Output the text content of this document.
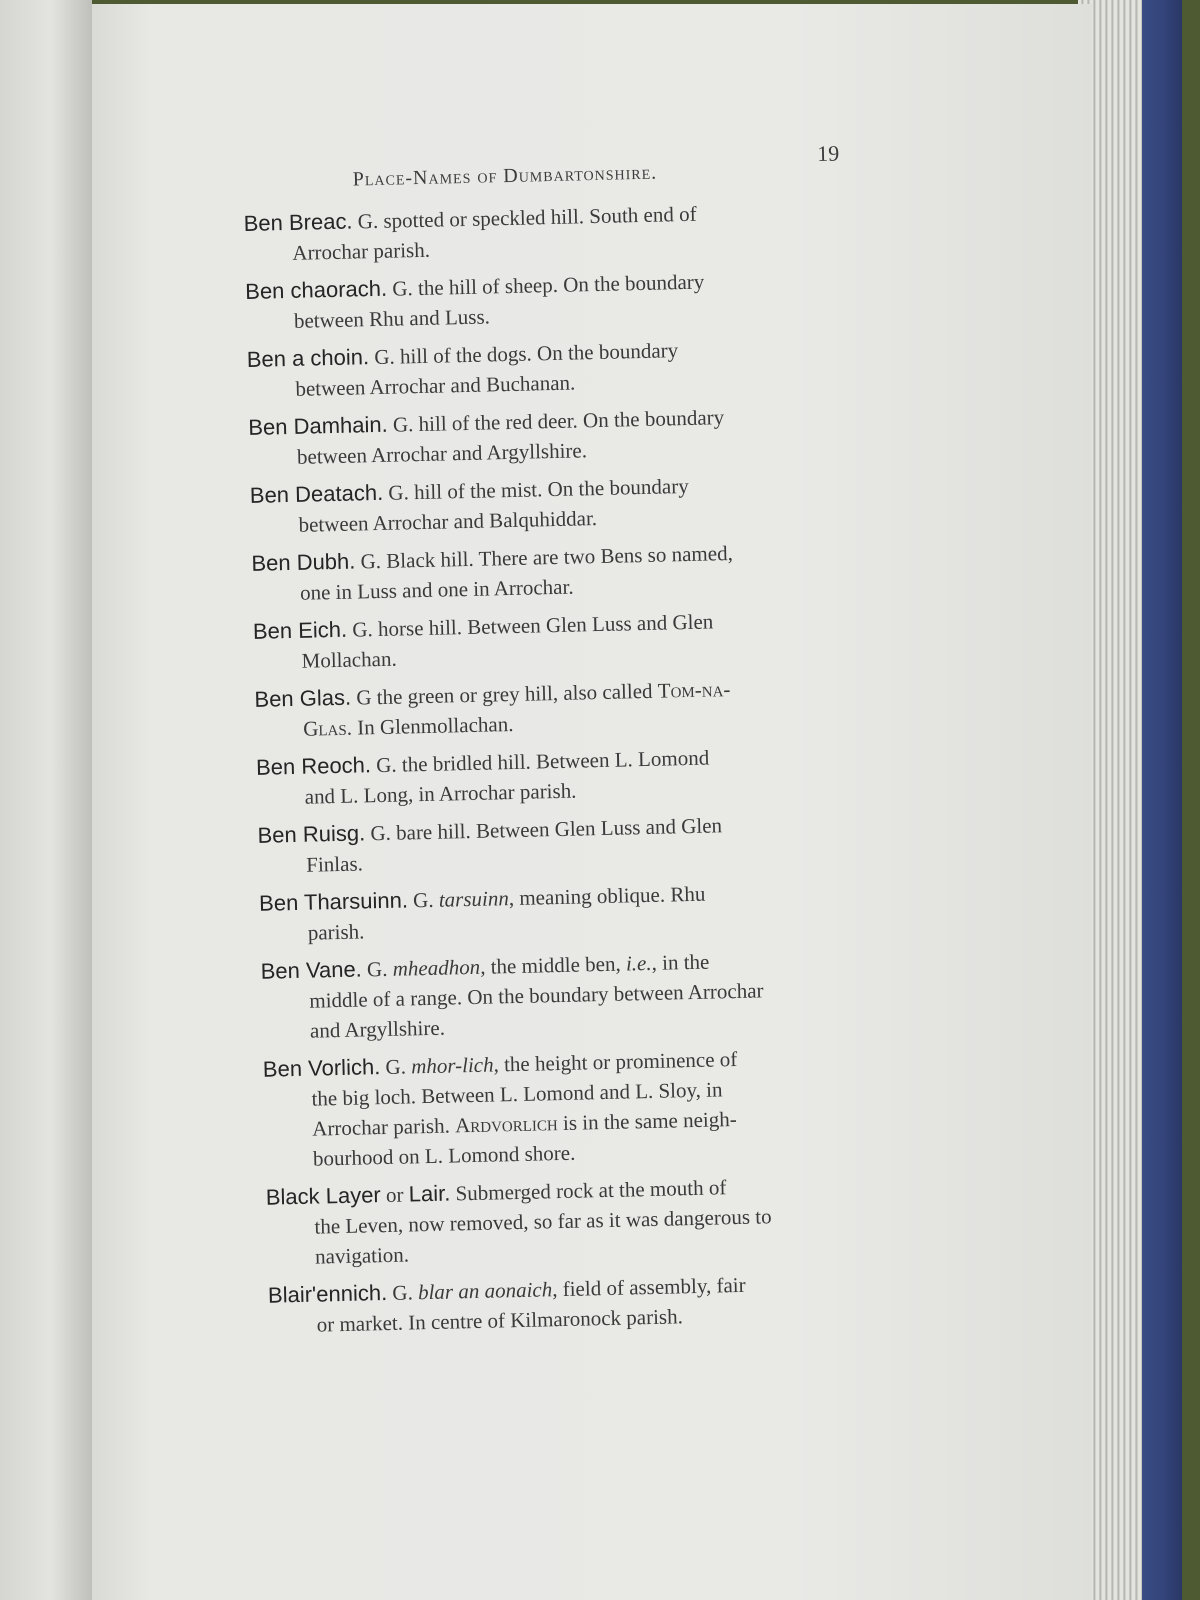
Place-Names of Dumbartonshire.
19
Ben Breac. G. spotted or speckled hill. South end of
Arrochar parish.
Ben chaorach. G. the hill of sheep. On the boundary
between Rhu and Luss.
Ben a choin. G. hill of the dogs. On the boundary
between Arrochar and Buchanan.
Ben Damhain. G. hill of the red deer. On the boundary
between Arrochar and Argyllshire.
Ben Deatach. G. hill of the mist. On the boundary
between Arrochar and Balquhiddar.
Ben Dubh. G. Black hill. There are two Bens so named,
one in Luss and one in Arrochar.
Ben Eich. G. horse hill. Between Glen Luss and Glen
Mollachan.
Ben Glas. G the green or grey hill, also called Tom-na-
Glas. In Glenmollachan.
Ben Reoch. G. the bridled hill. Between L. Lomond
and L. Long, in Arrochar parish.
Ben Ruisg. G. bare hill. Between Glen Luss and Glen
Finlas.
Ben Tharsuinn. G. tarsuinn, meaning oblique. Rhu
parish.
Ben Vane. G. mheadhon, the middle ben, i.e., in the
middle of a range. On the boundary between Arrochar
and Argyllshire.
Ben Vorlich. G. mhor-lich, the height or prominence of
the big loch. Between L. Lomond and L. Sloy, in
Arrochar parish. Ardvorlich is in the same neigh-
bourhood on L. Lomond shore.
Black Layer or Lair. Submerged rock at the mouth of
the Leven, now removed, so far as it was dangerous to
navigation.
Blair'ennich. G. blar an aonaich, field of assembly, fair
or market. In centre of Kilmaronock parish.
